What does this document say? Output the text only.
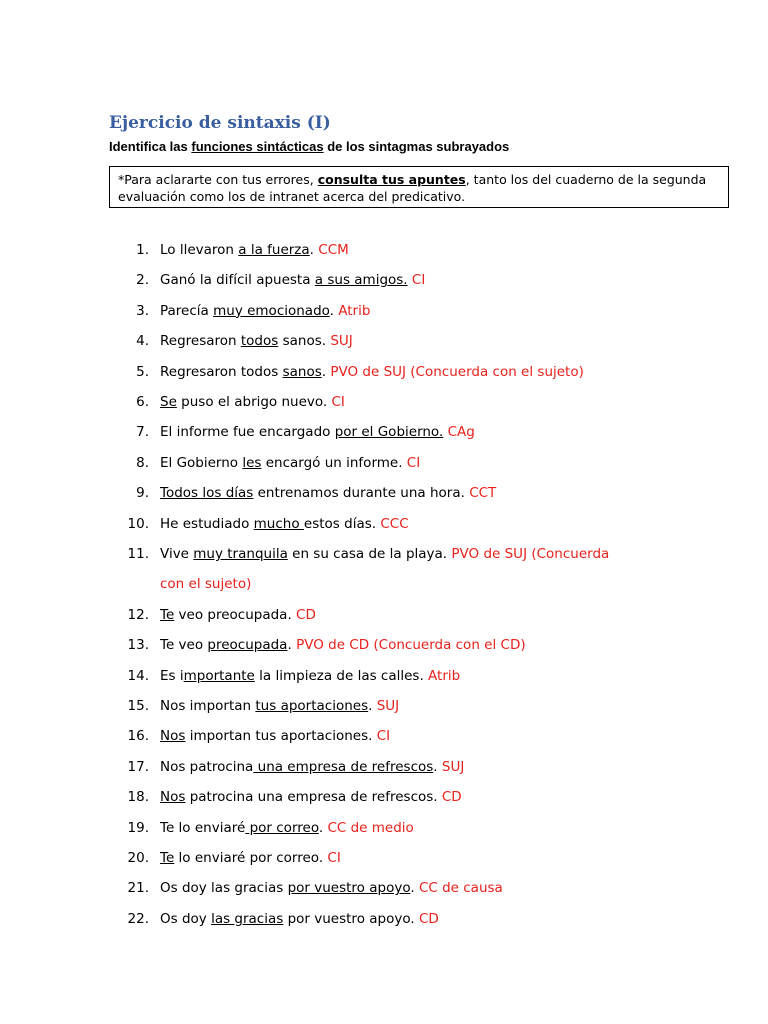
Ejercicio de sintaxis (I)

Identifica las funciones sintácticas de los sintagmas subrayados

*Para aclararte con tus errores, consulta tus apuntes, tanto los del cuaderno de la segunda evaluación como los de intranet acerca del predicativo.
1. Lo llevaron a la fuerza. CCM
2. Ganó la difícil apuesta a sus amigos. CI
3. Parecía muy emocionado. Atrib
4. Regresaron todos sanos. SUJ
5. Regresaron todos sanos. PVO de SUJ (Concuerda con el sujeto)
6. Se puso el abrigo nuevo. CI
7. El informe fue encargado por el Gobierno. CAg
8. El Gobierno les encargó un informe. CI
9. Todos los días entrenamos durante una hora. CCT
10. He estudiado mucho estos días. CCC
11. Vive muy tranquila en su casa de la playa. PVO de SUJ (Concuerda
con el sujeto)
12. Te veo preocupada. CD
13. Te veo preocupada. PVO de CD (Concuerda con el CD)
14. Es importante la limpieza de las calles. Atrib
15. Nos importan tus aportaciones. SUJ
16. Nos importan tus aportaciones. CI
17. Nos patrocina una empresa de refrescos. SUJ
18. Nos patrocina una empresa de refrescos. CD
19. Te lo enviaré por correo. CC de medio
20. Te lo enviaré por correo. CI
21. Os doy las gracias por vuestro apoyo. CC de causa
22. Os doy las gracias por vuestro apoyo. CD
